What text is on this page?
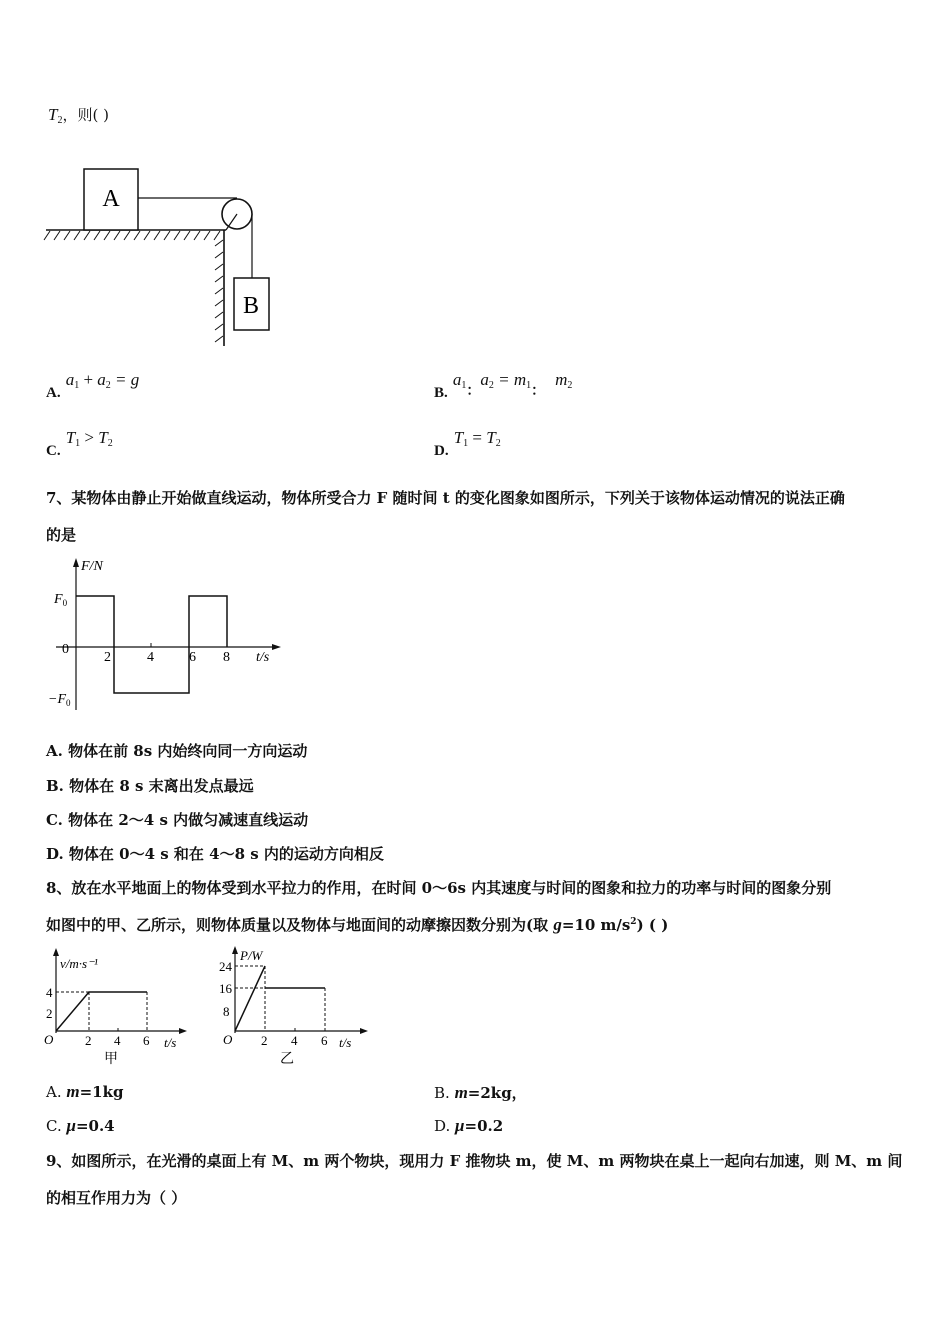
$T_2$，则( )
A
B
A. $a_1 + a_2 = g$
B. $a_1$：$a_2 = m_1$：$m_2$
C. $T_1 > T_2$	D. $T_1 = T_2$
7、某物体由静止开始做直线运动，物体所受合力 F 随时间 t 的变化图象如图所示，下列关于该物体运动情况的说法正确
的是
F/N
t/s
$F_0$
0
$-F_0$
2	4	6 8
A. 物体在前 8s 内始终向同一方向运动
B. 物体在 8 s 末离出发点最远
C. 物体在 2～4 s 内做匀减速直线运动
D. 物体在 0～4 s 和在 4～8 s 内的运动方向相反
8、放在水平地面上的物体受到水平拉力的作用，在时间 0～6s 内其速度与时间的图象和拉力的功率与时间的图象分别
如图中的甲、乙所示，则物体质量以及物体与地面间的动摩擦因数分别为(取 g=10 $m/s^2$) ( )
v/m·s⁻¹
t/s
O
2
4
2 4 6
甲
P/W
t/s
O
8
16
24
2 4 6
乙
A. m=1kg	B. m=2kg，
C. μ=0.4	D. μ=0.2
9、如图所示，在光滑的桌面上有 M、m 两个物块，现用力 F 推物块 m，使 M、m 两物块在桌上一起向右加速，则 M、m 间
的相互作用力为（ ）
